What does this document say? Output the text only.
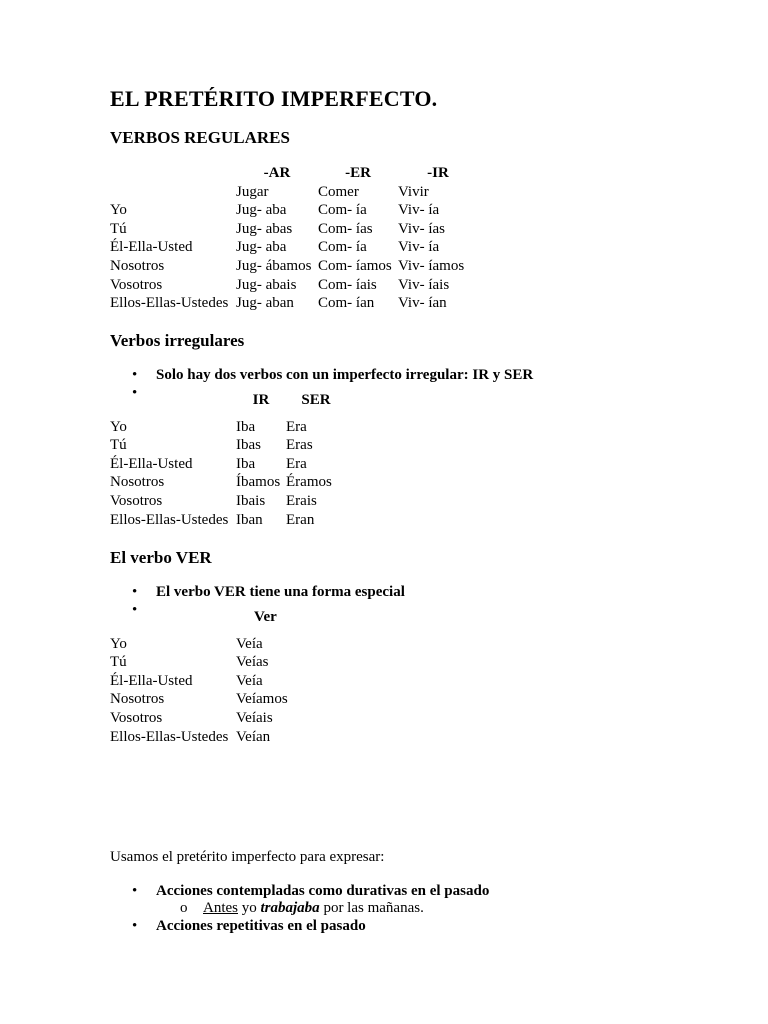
EL PRETÉRITO IMPERFECTO.
VERBOS REGULARES
	-AR	-ER	-IR
	Jugar	Comer	Vivir
Yo	Jug- aba	Com- ía	Viv- ía
Tú	Jug- abas	Com- ías	Viv- ías
Él-Ella-Usted	Jug- aba	Com- ía	Viv- ía
Nosotros	Jug- ábamos	Com- íamos	Viv- íamos
Vosotros	Jug- abais	Com- íais	Viv- íais
Ellos-Ellas-Ustedes	Jug- aban	Com- ían	Viv- ían
Verbos irregulares
• Solo hay dos verbos con un imperfecto irregular: IR y SER
•
	IR	SER

Yo	Iba	Era
Tú	Ibas	Eras
Él-Ella-Usted	Iba	Era
Nosotros	Íbamos	Éramos
Vosotros	Ibais	Erais
Ellos-Ellas-Ustedes	Iban	Eran
El verbo VER
• El verbo VER tiene una forma especial
•
	Ver

Yo	Veía
Tú	Veías
Él-Ella-Usted	Veía
Nosotros	Veíamos
Vosotros	Veíais
Ellos-Ellas-Ustedes	Veían
Usamos el pretérito imperfecto para expresar:
• Acciones contempladas como durativas en el pasado
o Antes yo trabajaba por las mañanas.
• Acciones repetitivas en el pasado
